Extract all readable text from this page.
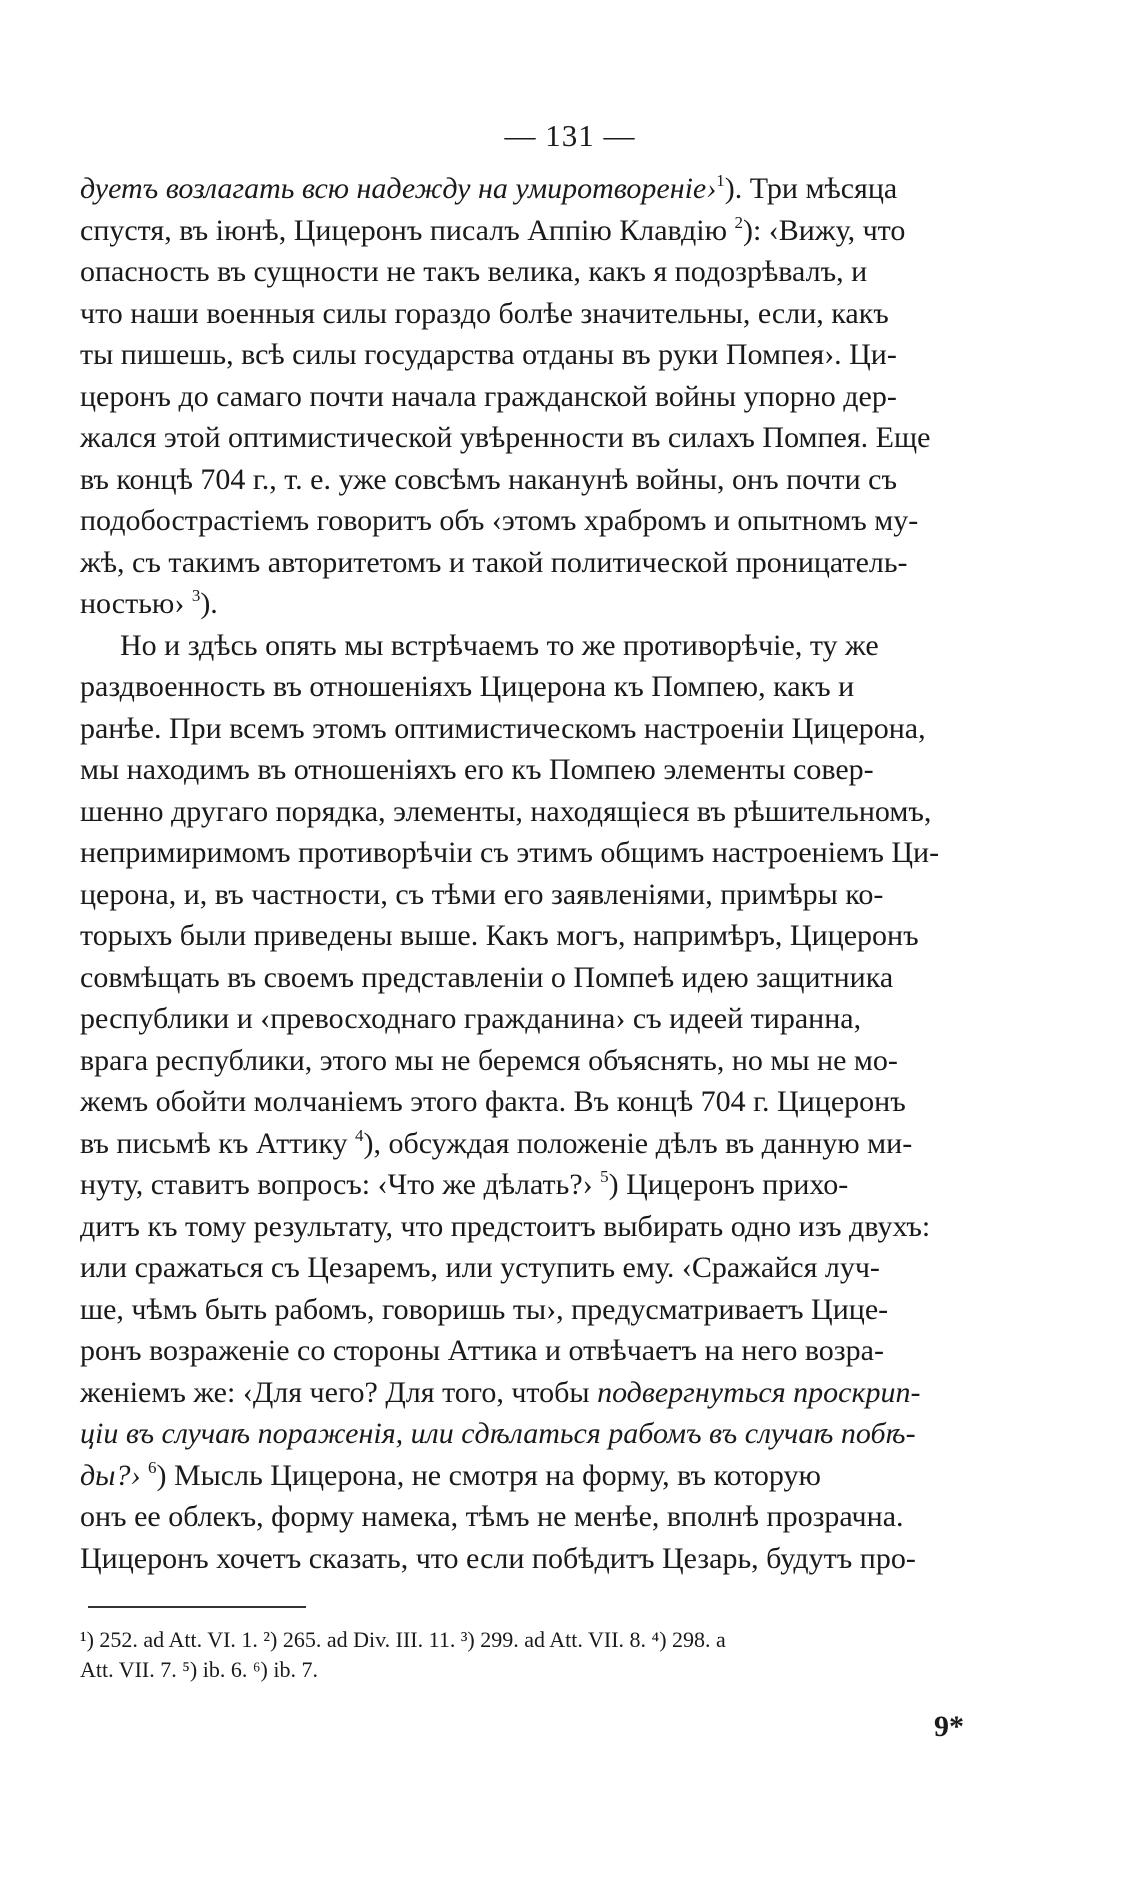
— 131 —
дуетъ возлагать всю надежду на умиротвореніе›$^1$). Три мѣсяца
спустя, въ іюнѣ, Цицеронъ писалъ Аппію Клавдію $^2$): ‹Вижу, что
опасность въ сущности не такъ велика, какъ я подозрѣвалъ, и
что наши военныя силы гораздо болѣе значительны, если, какъ
ты пишешь, всѣ силы государства отданы въ руки Помпея›. Ци-
церонъ до самаго почти начала гражданской войны упорно дер-
жался этой оптимистической увѣренности въ силахъ Помпея. Еще
въ концѣ 704 г., т. е. уже совсѣмъ наканунѣ войны, онъ почти съ
подобострастіемъ говоритъ объ ‹этомъ храбромъ и опытномъ му-
жѣ, съ такимъ авторитетомъ и такой политической проницатель-
ностью› $^3$).
Но и здѣсь опять мы встрѣчаемъ то же противорѣчіе, ту же
раздвоенность въ отношеніяхъ Цицерона къ Помпею, какъ и
ранѣе. При всемъ этомъ оптимистическомъ настроеніи Цицерона,
мы находимъ въ отношеніяхъ его къ Помпею элементы совер-
шенно другаго порядка, элементы, находящіеся въ рѣшительномъ,
непримиримомъ противорѣчіи съ этимъ общимъ настроеніемъ Ци-
церона, и, въ частности, съ тѣми его заявленіями, примѣры ко-
торыхъ были приведены выше. Какъ могъ, напримѣръ, Цицеронъ
совмѣщать въ своемъ представленіи о Помпеѣ идею защитника
республики и ‹превосходнаго гражданина› съ идеей тиранна,
врага республики, этого мы не беремся объяснять, но мы не мо-
жемъ обойти молчаніемъ этого факта. Въ концѣ 704 г. Цицеронъ
въ письмѣ къ Аттику $^4$), обсуждая положеніе дѣлъ въ данную ми-
нуту, ставитъ вопросъ: ‹Что же дѣлать?› $^5$) Цицеронъ прихо-
дитъ къ тому результату, что предстоитъ выбирать одно изъ двухъ:
или сражаться съ Цезаремъ, или уступить ему. ‹Сражайся луч-
ше, чѣмъ быть рабомъ, говоришь ты›, предусматриваетъ Цице-
ронъ возраженіе со стороны Аттика и отвѣчаетъ на него возра-
женіемъ же: ‹Для чего? Для того, чтобы подвергнуться проскрип-
ціи въ случаѣ пораженія, или сдѣлаться рабомъ въ случаѣ побѣ-
ды?› $^6$) Мысль Цицерона, не смотря на форму, въ которую
онъ ее облекъ, форму намека, тѣмъ не менѣе, вполнѣ прозрачна.
Цицеронъ хочетъ сказать, что если побѣдитъ Цезарь, будутъ про-
¹) 252. ad Att. VI. 1. ²) 265. ad Div. III. 11. ³) 299. ad Att. VII. 8. ⁴) 298. a
Att. VII. 7. ⁵) ib. 6. ⁶) ib. 7.
9*
